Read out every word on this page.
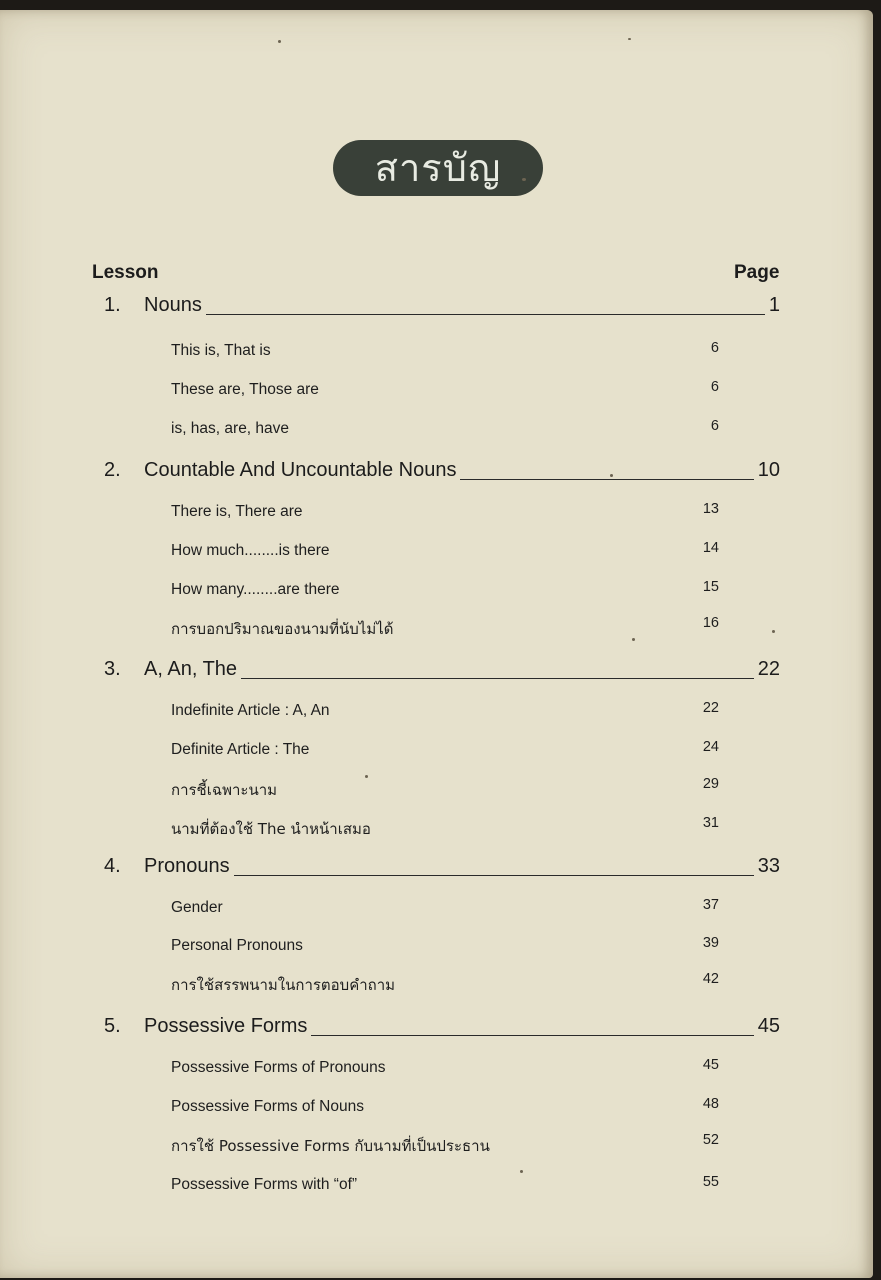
สารบัญ
Lesson	Page
1. Nouns	1
This is, That is	6
These are, Those are	6
is, has, are, have	6
2. Countable And Uncountable Nouns	10
There is, There are	13
How much........is there	14
How many........are there	15
การบอกปริมาณของนามที่นับไม่ได้	16
3. A, An, The	22
Indefinite Article : A, An	22
Definite Article : The	24
การชี้เฉพาะนาม	29
นามที่ต้องใช้ The นำหน้าเสมอ	31
4. Pronouns	33
Gender	37
Personal Pronouns	39
การใช้สรรพนามในการตอบคำถาม	42
5. Possessive Forms	45
Possessive Forms of Pronouns	45
Possessive Forms of Nouns	48
การใช้ Possessive Forms กับนามที่เป็นประธาน	52
Possessive Forms with “of”	55
